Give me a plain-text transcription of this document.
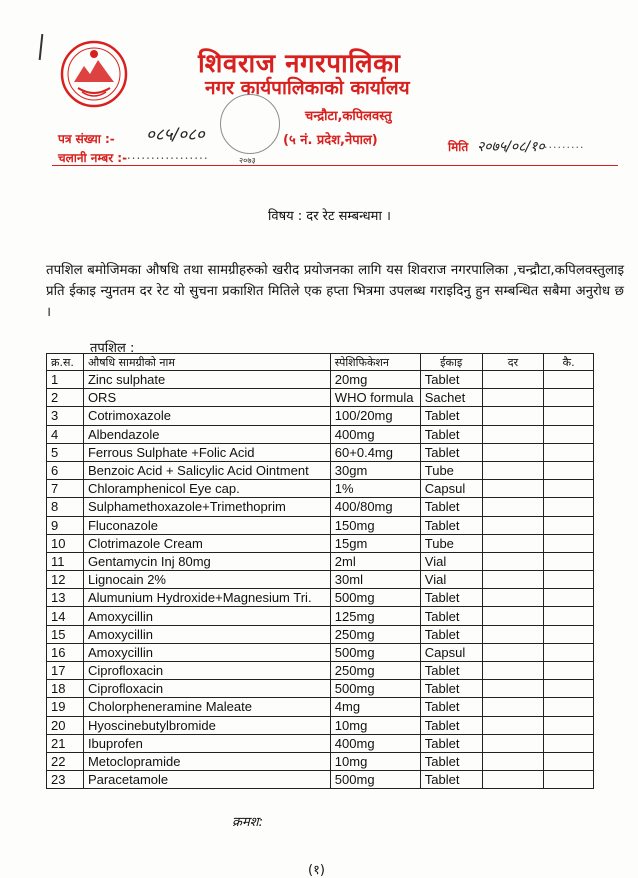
शिवराज नगरपालिका
नगर कार्यपालिकाको कार्यालय
चन्द्रौटा,कपिलवस्तु
(५ नं. प्रदेश,नेपाल)
२०७३
पत्र संख्या :- ०८५/०८०
चलानी नम्बर :-
..................
मिति २०७५/०८/१० .........
विषय : दर रेट सम्बन्धमा ।
तपशिल बमोजिमका औषधि तथा सामग्रीहरुको खरीद प्रयोजनका लागि यस शिवराज नगरपालिका ,चन्द्रौटा,कपिलवस्तुलाइ प्रति ईकाइ न्युनतम दर रेट यो सुचना प्रकाशित मितिले एक हप्ता भित्रमा उपलब्ध गराइदिनु हुन सम्बन्धित सबैमा अनुरोध छ ।
तपशिल :
क्र.स.	औषधि सामग्रीको नाम	स्पेशिफिकेशन	ईकाइ	दर	कै.
1	Zinc sulphate	20mg	Tablet		
2	ORS	WHO formula	Sachet		
3	Cotrimoxazole	100/20mg	Tablet		
4	Albendazole	400mg	Tablet		
5	Ferrous Sulphate +Folic Acid	60+0.4mg	Tablet		
6	Benzoic Acid + Salicylic Acid Ointment	30gm	Tube		
7	Chloramphenicol Eye cap.	1%	Capsul		
8	Sulphamethoxazole+Trimethoprim	400/80mg	Tablet		
9	Fluconazole	150mg	Tablet		
10	Clotrimazole Cream	15gm	Tube		
11	Gentamycin Inj 80mg	2ml	Vial		
12	Lignocain 2%	30ml	Vial		
13	Alumunium Hydroxide+Magnesium Tri.	500mg	Tablet		
14	Amoxycillin	125mg	Tablet		
15	Amoxycillin	250mg	Tablet		
16	Amoxycillin	500mg	Capsul		
17	Ciprofloxacin	250mg	Tablet		
18	Ciprofloxacin	500mg	Tablet		
19	Cholorpheneramine Maleate	4mg	Tablet		
20	Hyoscinebutylbromide	10mg	Tablet		
21	Ibuprofen	400mg	Tablet		
22	Metoclopramide	10mg	Tablet		
23	Paracetamole	500mg	Tablet		
क्रमश:
(१)
